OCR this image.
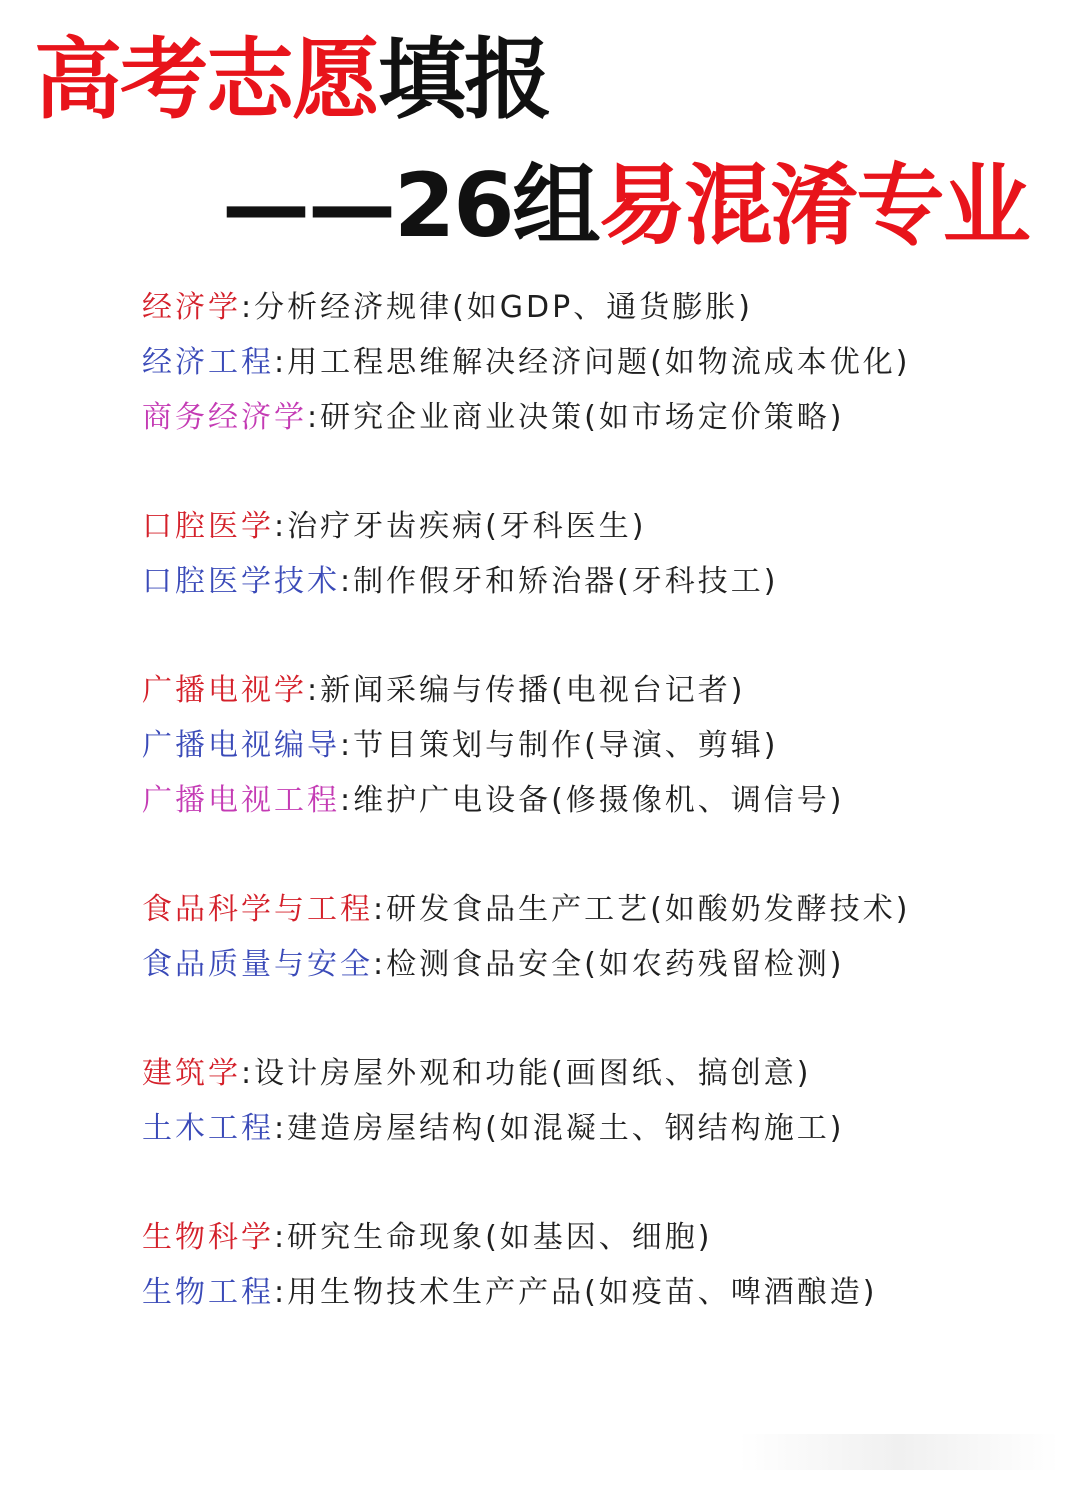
高考志愿填报
——26组易混淆专业
经济学:分析经济规律(如GDP、通货膨胀)
经济工程:用工程思维解决经济问题(如物流成本优化)
商务经济学:研究企业商业决策(如市场定价策略)
口腔医学:治疗牙齿疾病(牙科医生)
口腔医学技术:制作假牙和矫治器(牙科技工)
广播电视学:新闻采编与传播(电视台记者)
广播电视编导:节目策划与制作(导演、剪辑)
广播电视工程:维护广电设备(修摄像机、调信号)
食品科学与工程:研发食品生产工艺(如酸奶发酵技术)
食品质量与安全:检测食品安全(如农药残留检测)
建筑学:设计房屋外观和功能(画图纸、搞创意)
土木工程:建造房屋结构(如混凝土、钢结构施工)
生物科学:研究生命现象(如基因、细胞)
生物工程:用生物技术生产产品(如疫苗、啤酒酿造)
